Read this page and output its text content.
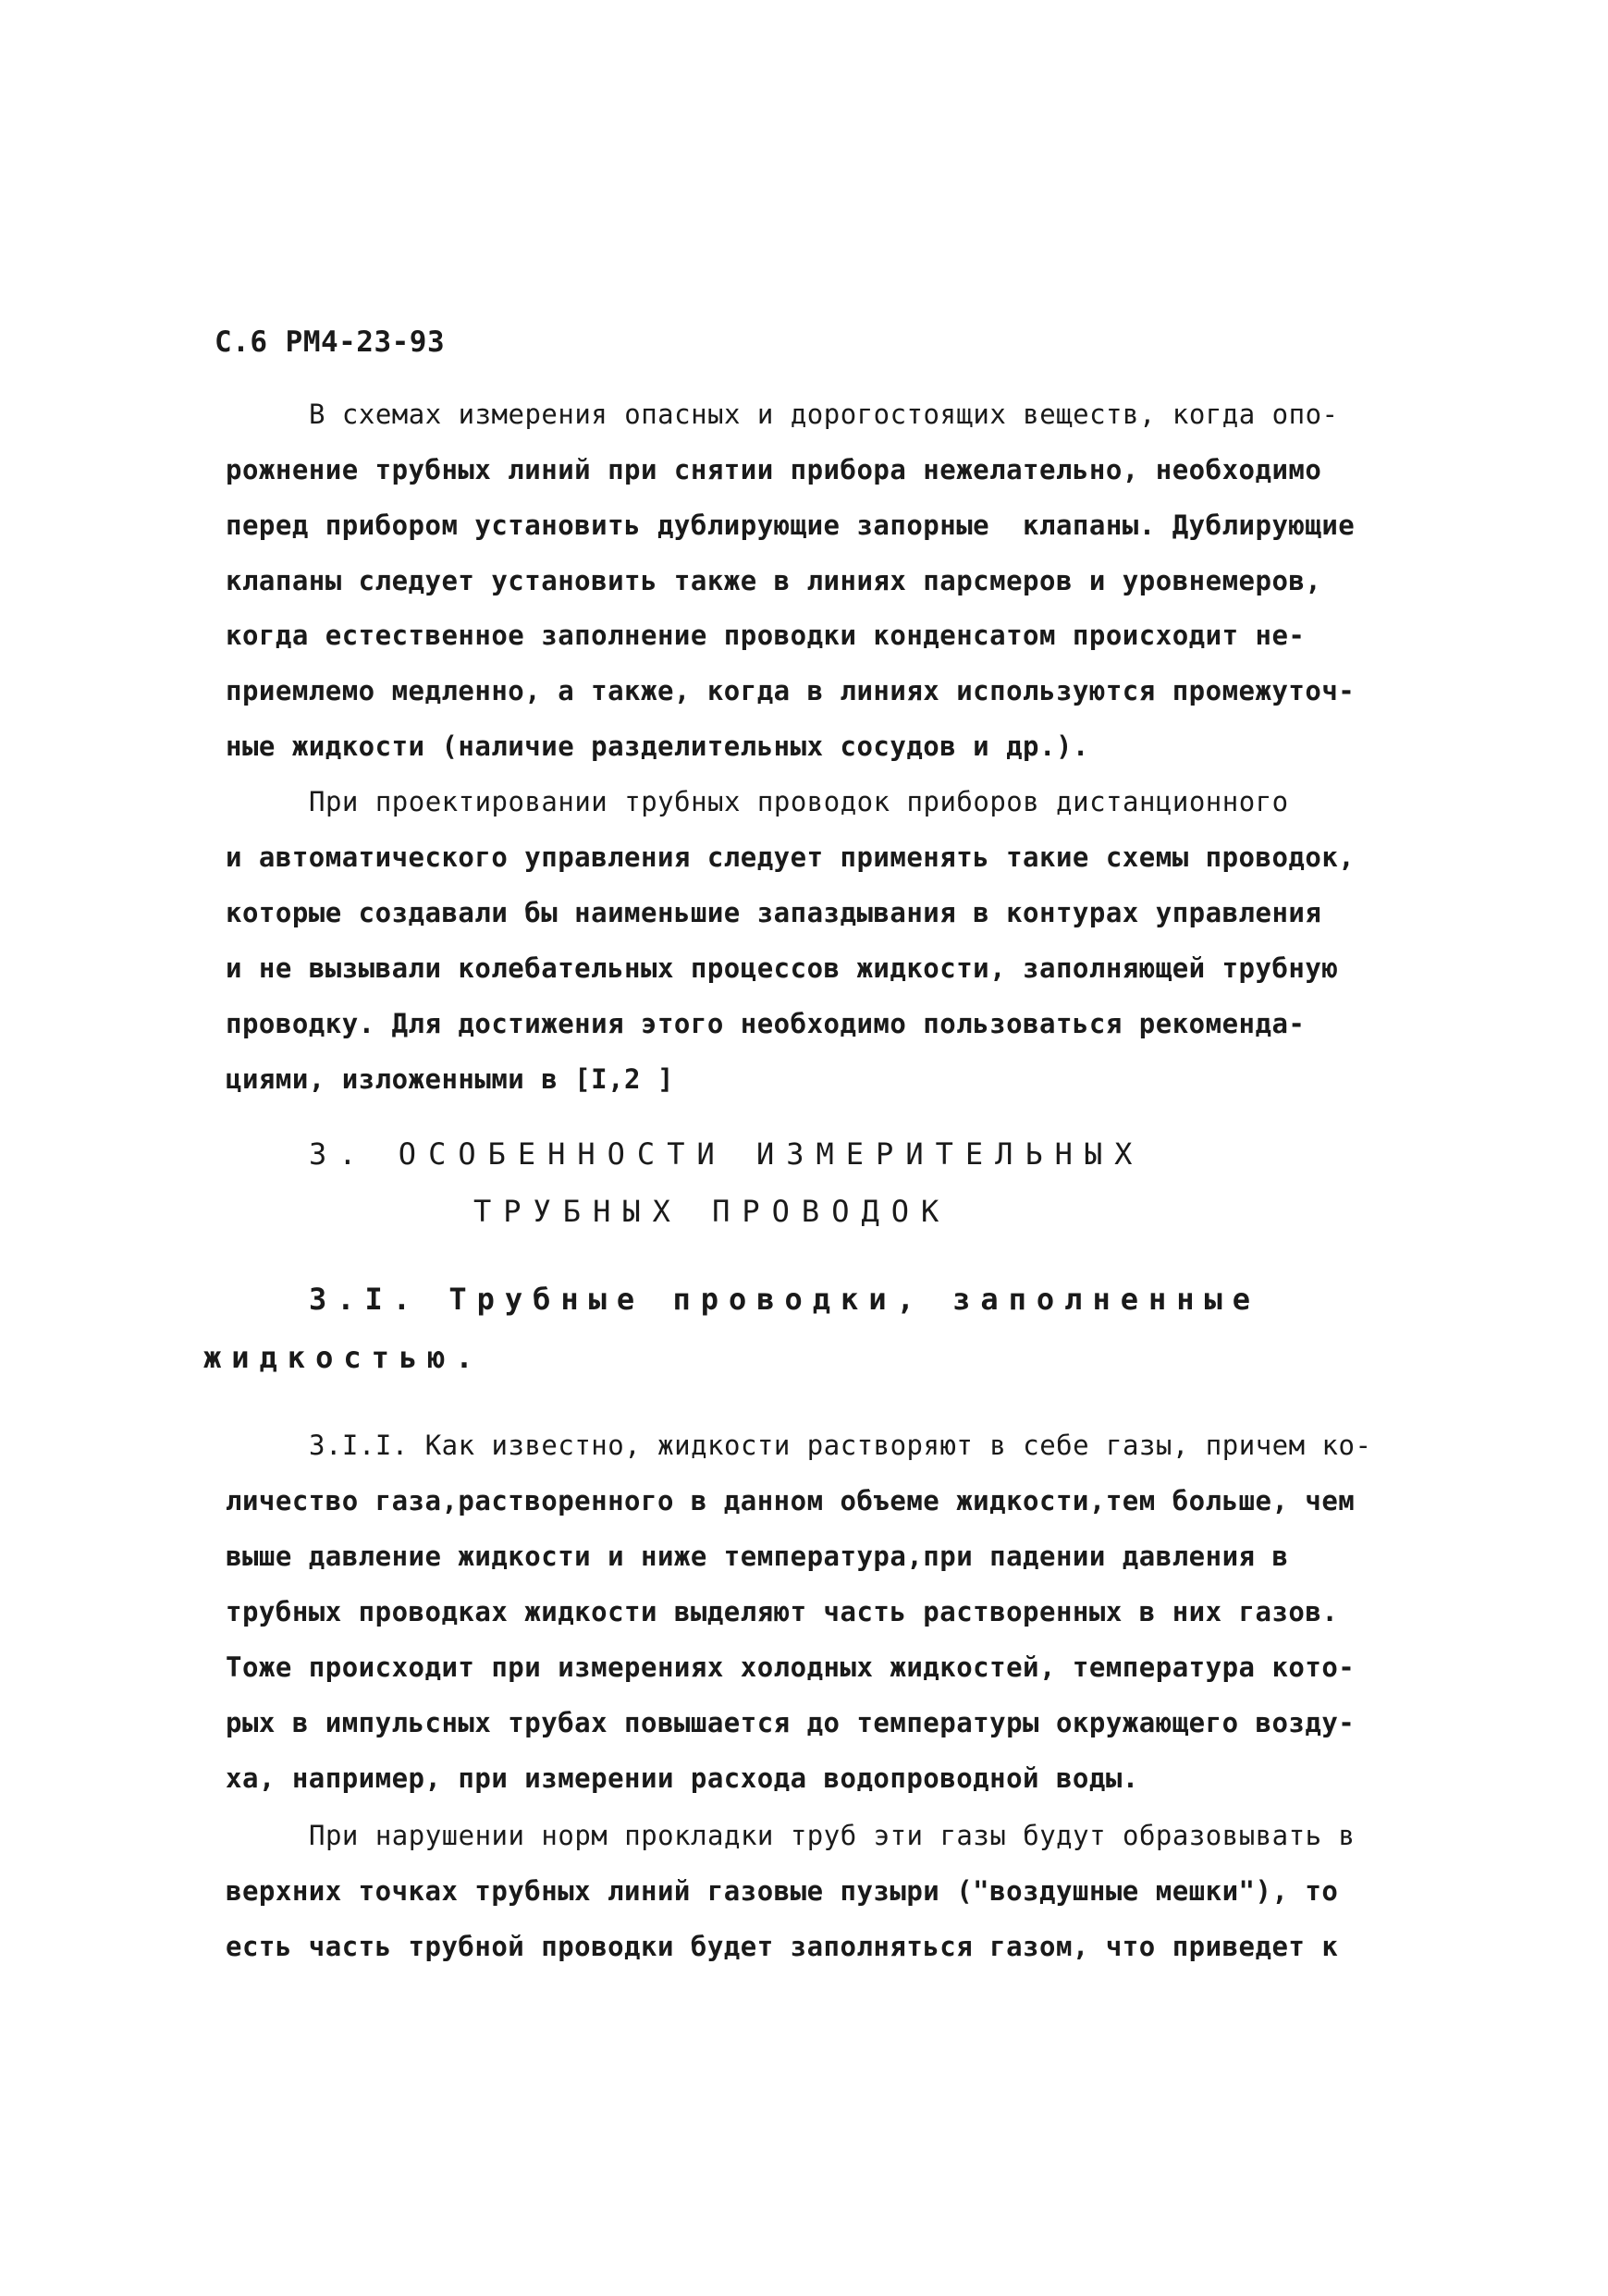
С.6 РМ4-23-93
В схемах измерения опасных и дорогостоящих веществ, когда опо-
рожнение трубных линий при снятии прибора нежелательно, необходимо
перед прибором установить дублирующие запорные  клапаны. Дублирующие
клапаны следует установить также в линиях парсмеров и уровнемеров,
когда естественное заполнение проводки конденсатом происходит не-
приемлемо медленно, а также, когда в линиях используются промежуточ-
ные жидкости (наличие разделительных сосудов и др.).
При проектировании трубных проводок приборов дистанционного
и автоматического управления следует применять такие схемы проводок,
которые создавали бы наименьшие запаздывания в контурах управления
и не вызывали колебательных процессов жидкости, заполняющей трубную
проводку. Для достижения этого необходимо пользоваться рекоменда-
циями, изложенными в [I,2 ]
3. ОСОБЕННОСТИ ИЗМЕРИТЕЛЬНЫХ
ТРУБНЫХ ПРОВОДОК
3.I. Трубные проводки, заполненные
жидкостью.
3.I.I. Как известно, жидкости растворяют в себе газы, причем ко-
личество газа,растворенного в данном объеме жидкости,тем больше, чем
выше давление жидкости и ниже температура,при падении давления в
трубных проводках жидкости выделяют часть растворенных в них газов.
Тоже происходит при измерениях холодных жидкостей, температура кото-
рых в импульсных трубах повышается до температуры окружающего возду-
ха, например, при измерении расхода водопроводной воды.
При нарушении норм прокладки труб эти газы будут образовывать в
верхних точках трубных линий газовые пузыри ("воздушные мешки"), то
есть часть трубной проводки будет заполняться газом, что приведет к
